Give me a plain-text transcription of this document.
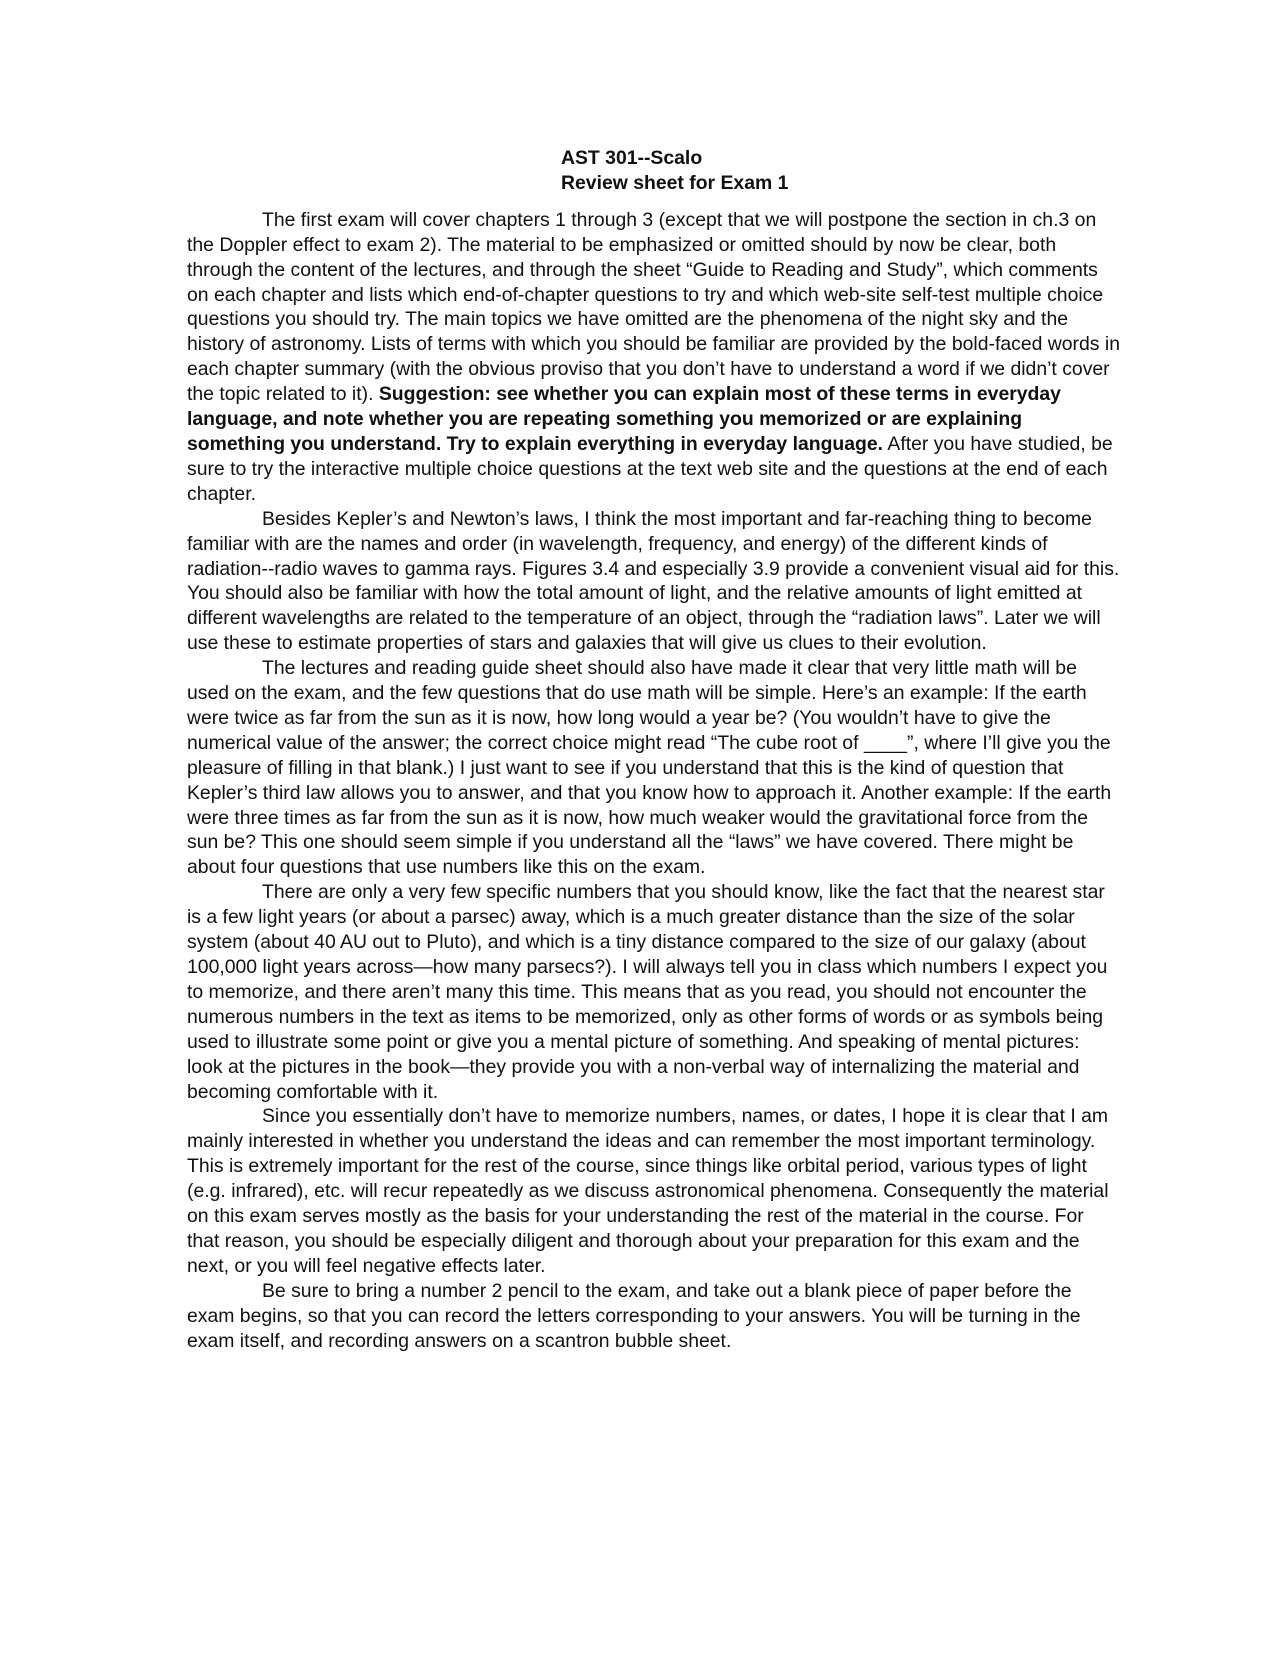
AST 301--Scalo
Review sheet for Exam 1

The first exam will cover chapters 1 through 3 (except that we will postpone the section in ch.3 on the Doppler effect to exam 2). The material to be emphasized or omitted should by now be clear, both through the content of the lectures, and through the sheet “Guide to Reading and Study”, which comments on each chapter and lists which end-of-chapter questions to try and which web-site self-test multiple choice questions you should try. The main topics we have omitted are the phenomena of the night sky and the history of astronomy. Lists of terms with which you should be familiar are provided by the bold-faced words in each chapter summary (with the obvious proviso that you don’t have to understand a word if we didn’t cover the topic related to it). Suggestion: see whether you can explain most of these terms in everyday language, and note whether you are repeating something you memorized or are explaining something you understand. Try to explain everything in everyday language. After you have studied, be sure to try the interactive multiple choice questions at the text web site and the questions at the end of each chapter.

Besides Kepler’s and Newton’s laws, I think the most important and far-reaching thing to become familiar with are the names and order (in wavelength, frequency, and energy) of the different kinds of radiation--radio waves to gamma rays. Figures 3.4 and especially 3.9 provide a convenient visual aid for this. You should also be familiar with how the total amount of light, and the relative amounts of light emitted at different wavelengths are related to the temperature of an object, through the “radiation laws”. Later we will use these to estimate properties of stars and galaxies that will give us clues to their evolution.

The lectures and reading guide sheet should also have made it clear that very little math will be used on the exam, and the few questions that do use math will be simple. Here’s an example: If the earth were twice as far from the sun as it is now, how long would a year be? (You wouldn’t have to give the numerical value of the answer; the correct choice might read “The cube root of ____”, where I’ll give you the pleasure of filling in that blank.) I just want to see if you understand that this is the kind of question that Kepler’s third law allows you to answer, and that you know how to approach it. Another example: If the earth were three times as far from the sun as it is now, how much weaker would the gravitational force from the sun be? This one should seem simple if you understand all the “laws” we have covered. There might be about four questions that use numbers like this on the exam.

There are only a very few specific numbers that you should know, like the fact that the nearest star is a few light years (or about a parsec) away, which is a much greater distance than the size of the solar system (about 40 AU out to Pluto), and which is a tiny distance compared to the size of our galaxy (about 100,000 light years across—how many parsecs?). I will always tell you in class which numbers I expect you to memorize, and there aren’t many this time. This means that as you read, you should not encounter the numerous numbers in the text as items to be memorized, only as other forms of words or as symbols being used to illustrate some point or give you a mental picture of something. And speaking of mental pictures: look at the pictures in the book—they provide you with a non-verbal way of internalizing the material and becoming comfortable with it.

Since you essentially don’t have to memorize numbers, names, or dates, I hope it is clear that I am mainly interested in whether you understand the ideas and can remember the most important terminology. This is extremely important for the rest of the course, since things like orbital period, various types of light (e.g. infrared), etc. will recur repeatedly as we discuss astronomical phenomena. Consequently the material on this exam serves mostly as the basis for your understanding the rest of the material in the course. For that reason, you should be especially diligent and thorough about your preparation for this exam and the next, or you will feel negative effects later.

Be sure to bring a number 2 pencil to the exam, and take out a blank piece of paper before the exam begins, so that you can record the letters corresponding to your answers. You will be turning in the exam itself, and recording answers on a scantron bubble sheet.
